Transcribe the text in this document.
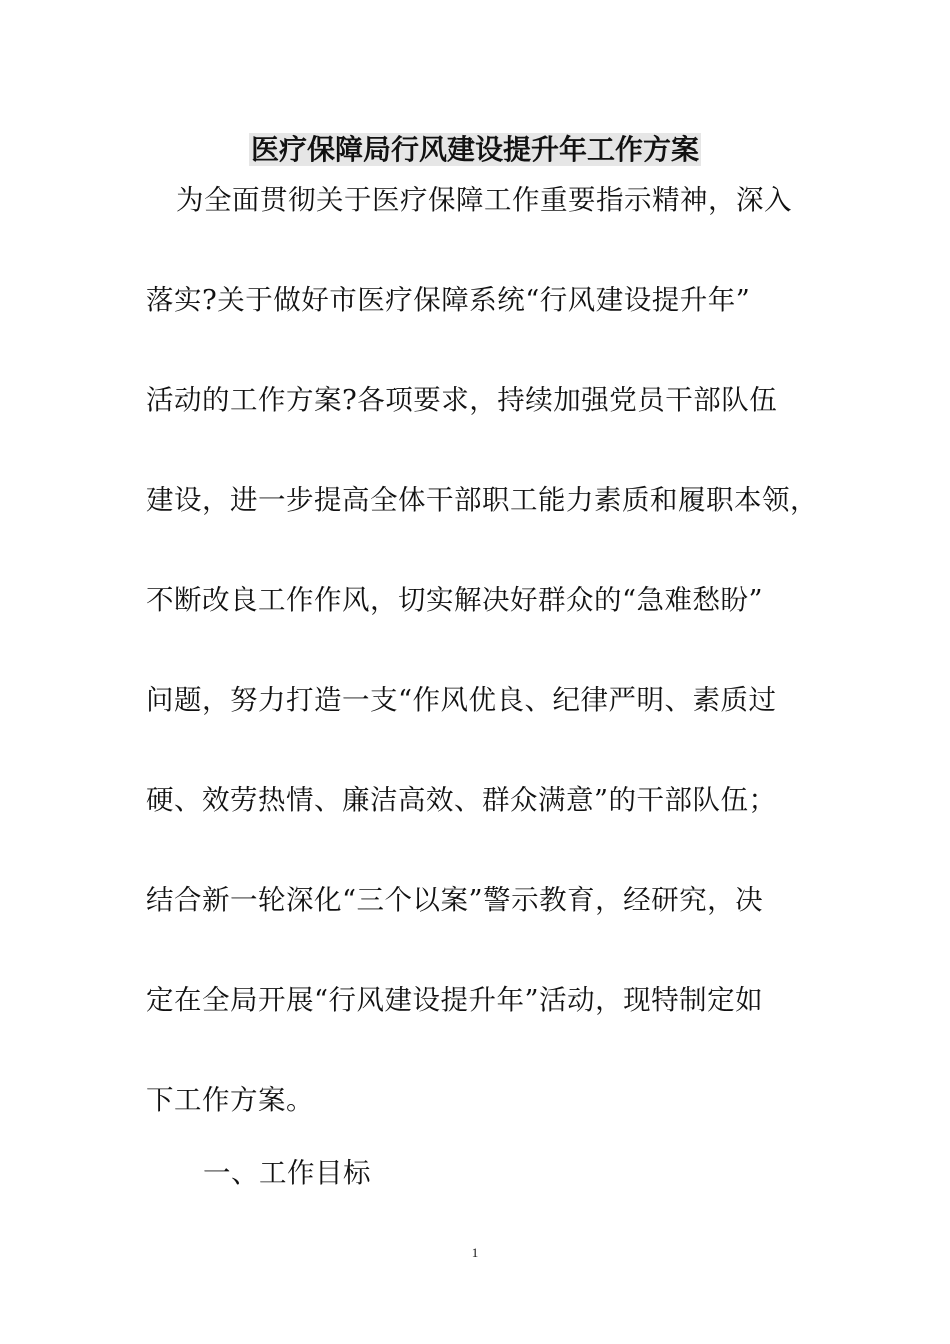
医疗保障局行风建设提升年工作方案
为全面贯彻关于医疗保障工作重要指示精神，深入
落实?关于做好市医疗保障系统“行风建设提升年”
活动的工作方案?各项要求，持续加强党员干部队伍
建设，进一步提高全体干部职工能力素质和履职本领，
不断改良工作作风，切实解决好群众的“急难愁盼”
问题，努力打造一支“作风优良、纪律严明、素质过
硬、效劳热情、廉洁高效、群众满意”的干部队伍；
结合新一轮深化“三个以案”警示教育，经研究，决
定在全局开展“行风建设提升年”活动，现特制定如
下工作方案。
一、工作目标
1
